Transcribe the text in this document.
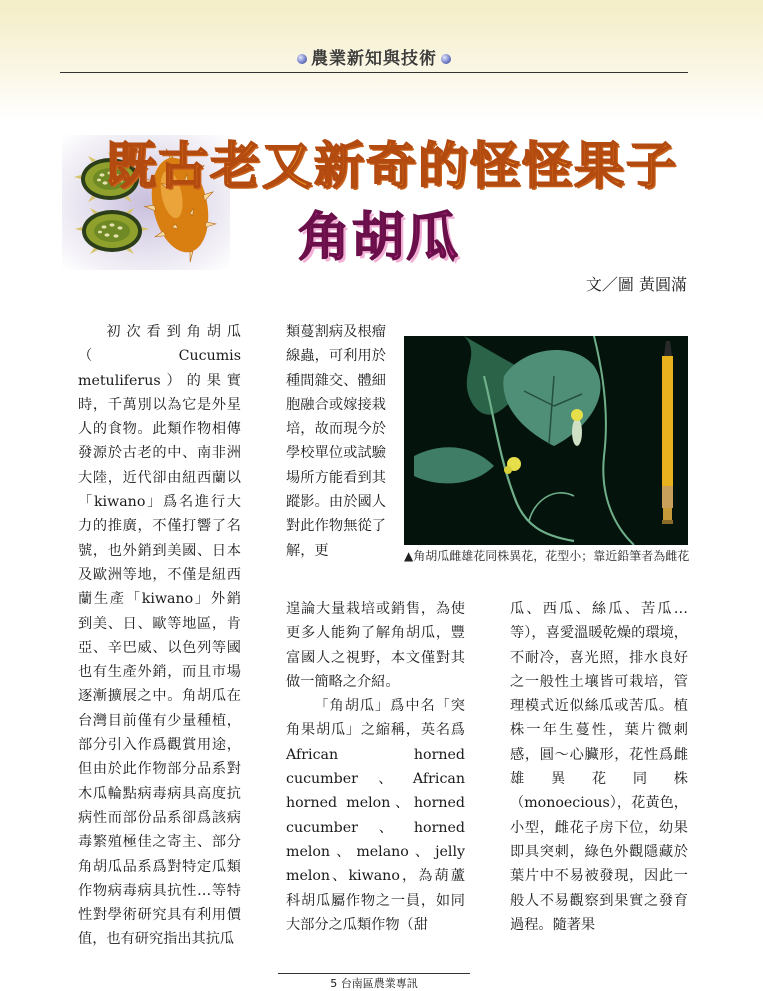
農業新知與技術
既古老又新奇的怪怪果子
角胡瓜
文／圖 黃圓滿

初次看到角胡瓜（Cucumis metuliferus）的果實時，千萬別以為它是外星人的食物。此類作物相傳發源於古老的中、南非洲大陸，近代卻由紐西蘭以「kiwano」爲名進行大力的推廣，不僅打響了名號，也外銷到美國、日本及歐洲等地，不僅是紐西蘭生產「kiwano」外銷到美、日、歐等地區，肯亞、辛巴威、以色列等國也有生產外銷，而且市場逐漸擴展之中。角胡瓜在台灣目前僅有少量種植，部分引入作爲觀賞用途，但由於此作物部分品系對木瓜輪點病毒病具高度抗病性而部份品系卻爲該病毒繁殖極佳之寄主、部分角胡瓜品系爲對特定瓜類作物病毒病具抗性…等特性對學術研究具有利用價值，也有研究指出其抗瓜

類蔓割病及根瘤線蟲，可利用於種間雜交、體細胞融合或嫁接栽培，故而現今於學校單位或試驗場所方能看到其蹤影。由於國人對此作物無從了解，更	▲角胡瓜雌雄花同株異花，花型小；靠近鉛筆者為雌花

遑論大量栽培或銷售，為使更多人能夠了解角胡瓜，豐富國人之視野，本文僅對其做一簡略之介紹。

「角胡瓜」爲中名「突角果胡瓜」之縮稱，英名爲 African horned cucumber、African horned melon、horned cucumber、horned melon、melano、jelly melon、kiwano，為葫蘆科胡瓜屬作物之一員，如同大部分之瓜類作物（甜

瓜、西瓜、絲瓜、苦瓜…等），喜愛溫暖乾燥的環境，不耐冷，喜光照，排水良好之一般性土壤皆可栽培，管理模式近似絲瓜或苦瓜。植株一年生蔓性，葉片微刺感，圓～心臟形，花性爲雌雄異花同株（monoecious），花黃色，小型，雌花子房下位，幼果即具突刺，綠色外觀隱藏於葉片中不易被發現，因此一般人不易觀察到果實之發育過程。隨著果

5 台南區農業專訊
